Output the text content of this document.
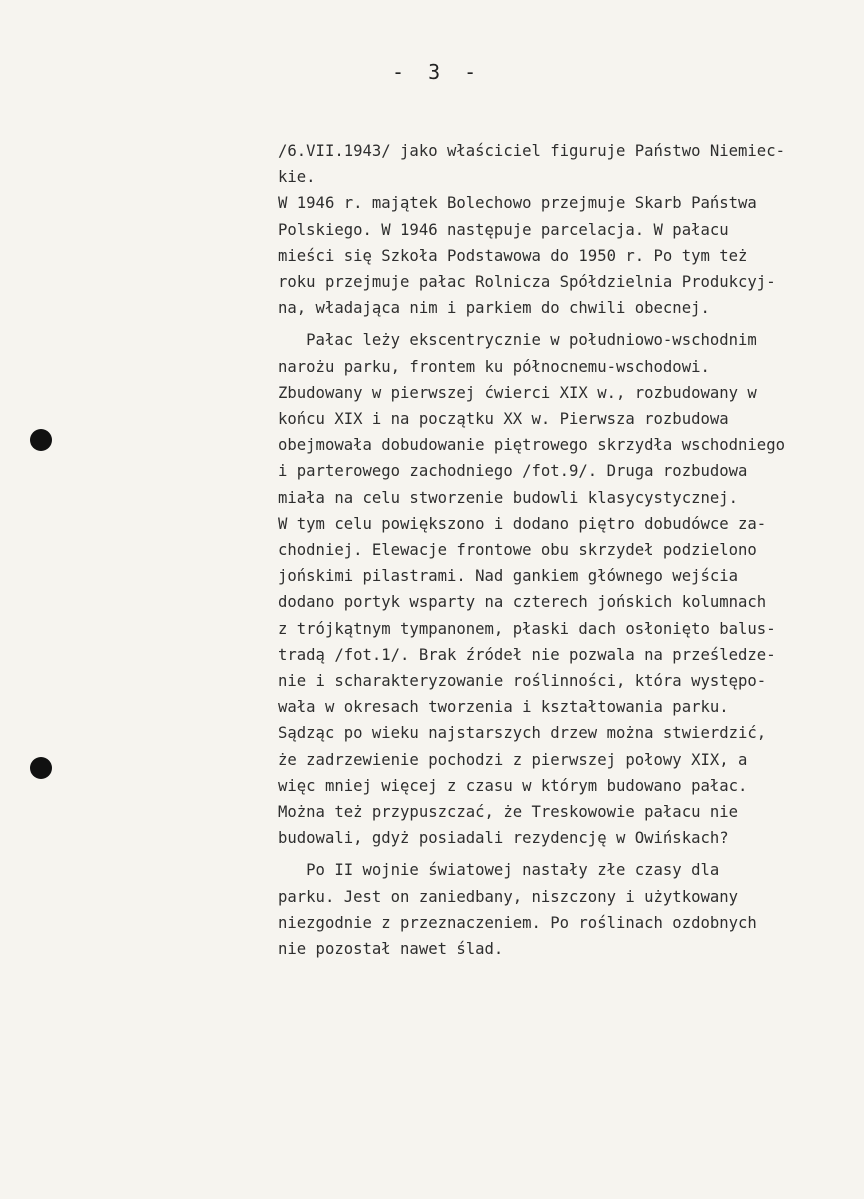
- 3 -
/6.VII.1943/ jako właściciel figuruje Państwo Niemiec-
kie.
W 1946 r. majątek Bolechowo przejmuje Skarb Państwa
Polskiego. W 1946 następuje parcelacja. W pałacu
mieści się Szkoła Podstawowa do 1950 r. Po tym też
roku przejmuje pałac Rolnicza Spółdzielnia Produkcyj-
na, władająca nim i parkiem do chwili obecnej.
Pałac leży ekscentrycznie w południowo-wschodnim
narożu parku, frontem ku północnemu-wschodowi.
Zbudowany w pierwszej ćwierci XIX w., rozbudowany w
końcu XIX i na początku XX w. Pierwsza rozbudowa
obejmowała dobudowanie piętrowego skrzydła wschodniego
i parterowego zachodniego /fot.9/. Druga rozbudowa
miała na celu stworzenie budowli klasycystycznej.
W tym celu powiększono i dodano piętro dobudówce za-
chodniej. Elewacje frontowe obu skrzydeł podzielono
jońskimi pilastrami. Nad gankiem głównego wejścia
dodano portyk wsparty na czterech jońskich kolumnach
z trójkątnym tympanonem, płaski dach osłonięto balus-
tradą /fot.1/. Brak źródeł nie pozwala na prześledze-
nie i scharakteryzowanie roślinności, która występo-
wała w okresach tworzenia i kształtowania parku.
Sądząc po wieku najstarszych drzew można stwierdzić,
że zadrzewienie pochodzi z pierwszej połowy XIX, a
więc mniej więcej z czasu w którym budowano pałac.
Można też przypuszczać, że Treskowowie pałacu nie
budowali, gdyż posiadali rezydencję w Owińskach?
Po II wojnie światowej nastały złe czasy dla
parku. Jest on zaniedbany, niszczony i użytkowany
niezgodnie z przeznaczeniem. Po roślinach ozdobnych
nie pozostał nawet ślad.
